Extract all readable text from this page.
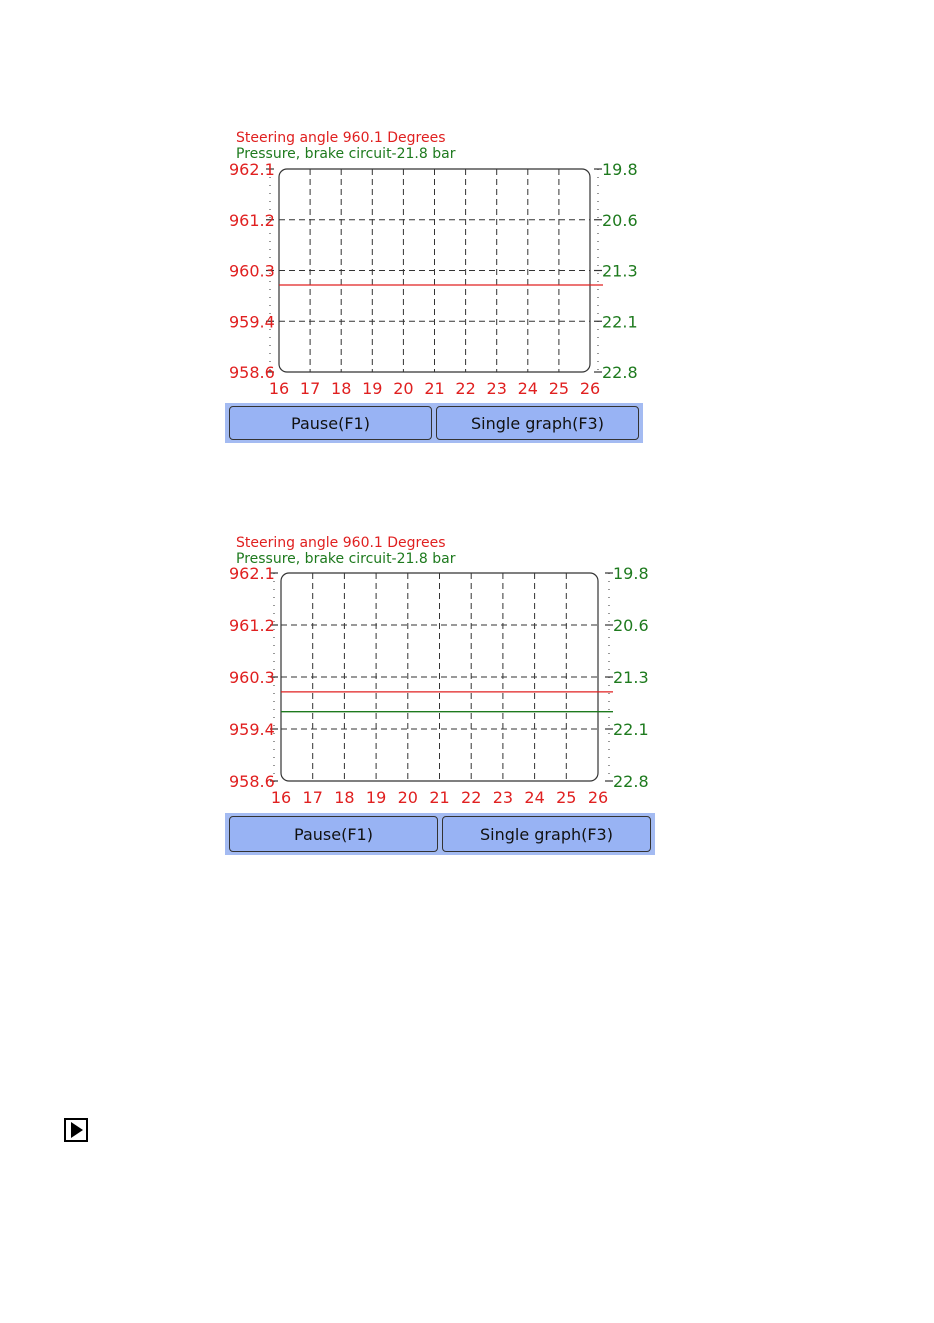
Steering angle 960.1 Degrees
Pressure, brake circuit-21.8 bar
962.1
961.2
960.3
959.4
958.6
19.8
20.6
21.3
22.1
22.8
16 17 18 19 20 21 22 23 24 25 26
Pause(F1)	Single graph(F3)
Steering angle 960.1 Degrees
Pressure, brake circuit-21.8 bar
962.1
961.2
960.3
959.4
958.6
19.8
20.6
21.3
22.1
22.8
16 17 18 19 20 21 22 23 24 25 26
Pause(F1)	Single graph(F3)
